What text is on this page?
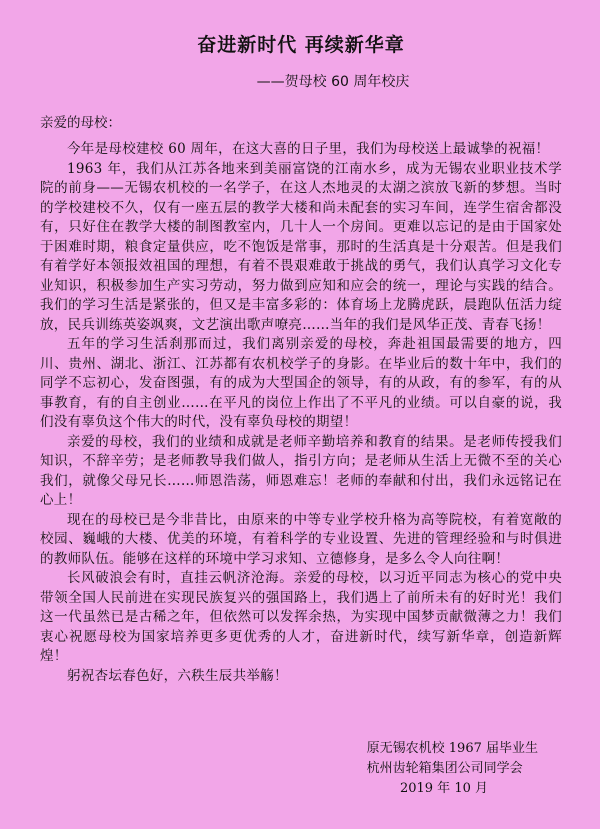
奋进新时代 再续新华章
——贺母校 60 周年校庆
亲爱的母校：

今年是母校建校 60 周年，在这大喜的日子里，我们为母校送上最诚挚的祝福！

1963 年，我们从江苏各地来到美丽富饶的江南水乡，成为无锡农业职业技术学院的前身——无锡农机校的一名学子，在这人杰地灵的太湖之滨放飞新的梦想。当时的学校建校不久，仅有一座五层的教学大楼和尚未配套的实习车间，连学生宿舍都没有，只好住在教学大楼的制图教室内，几十人一个房间。更难以忘记的是由于国家处于困难时期，粮食定量供应，吃不饱饭是常事，那时的生活真是十分艰苦。但是我们有着学好本领报效祖国的理想，有着不畏艰难敢于挑战的勇气，我们认真学习文化专业知识，积极参加生产实习劳动，努力做到应知和应会的统一，理论与实践的结合。我们的学习生活是紧张的，但又是丰富多彩的：体育场上龙腾虎跃，晨跑队伍活力绽放，民兵训练英姿飒爽，文艺演出歌声嘹亮……当年的我们是风华正茂、青春飞扬！

五年的学习生活刹那而过，我们离别亲爱的母校，奔赴祖国最需要的地方，四川、贵州、湖北、浙江、江苏都有农机校学子的身影。在毕业后的数十年中，我们的同学不忘初心，发奋图强，有的成为大型国企的领导，有的从政，有的参军，有的从事教育，有的自主创业……在平凡的岗位上作出了不平凡的业绩。可以自豪的说，我们没有辜负这个伟大的时代，没有辜负母校的期望！

亲爱的母校，我们的业绩和成就是老师辛勤培养和教育的结果。是老师传授我们知识，不辞辛劳；是老师教导我们做人，指引方向；是老师从生活上无微不至的关心我们，就像父母兄长……师恩浩荡，师恩难忘！老师的奉献和付出，我们永远铭记在心上！

现在的母校已是今非昔比，由原来的中等专业学校升格为高等院校，有着宽敞的校园、巍峨的大楼、优美的环境，有着科学的专业设置、先进的管理经验和与时俱进的教师队伍。能够在这样的环境中学习求知、立德修身，是多么令人向往啊！

长风破浪会有时，直挂云帆济沧海。亲爱的母校，以习近平同志为核心的党中央带领全国人民前进在实现民族复兴的强国路上，我们遇上了前所未有的好时光！我们这一代虽然已是古稀之年，但依然可以发挥余热，为实现中国梦贡献微薄之力！我们衷心祝愿母校为国家培养更多更优秀的人才，奋进新时代，续写新华章，创造新辉煌！

躬祝杏坛春色好，六秩生辰共举觞！

原无锡农机校 1967 届毕业生
杭州齿轮箱集团公司同学会
2019 年 10 月
